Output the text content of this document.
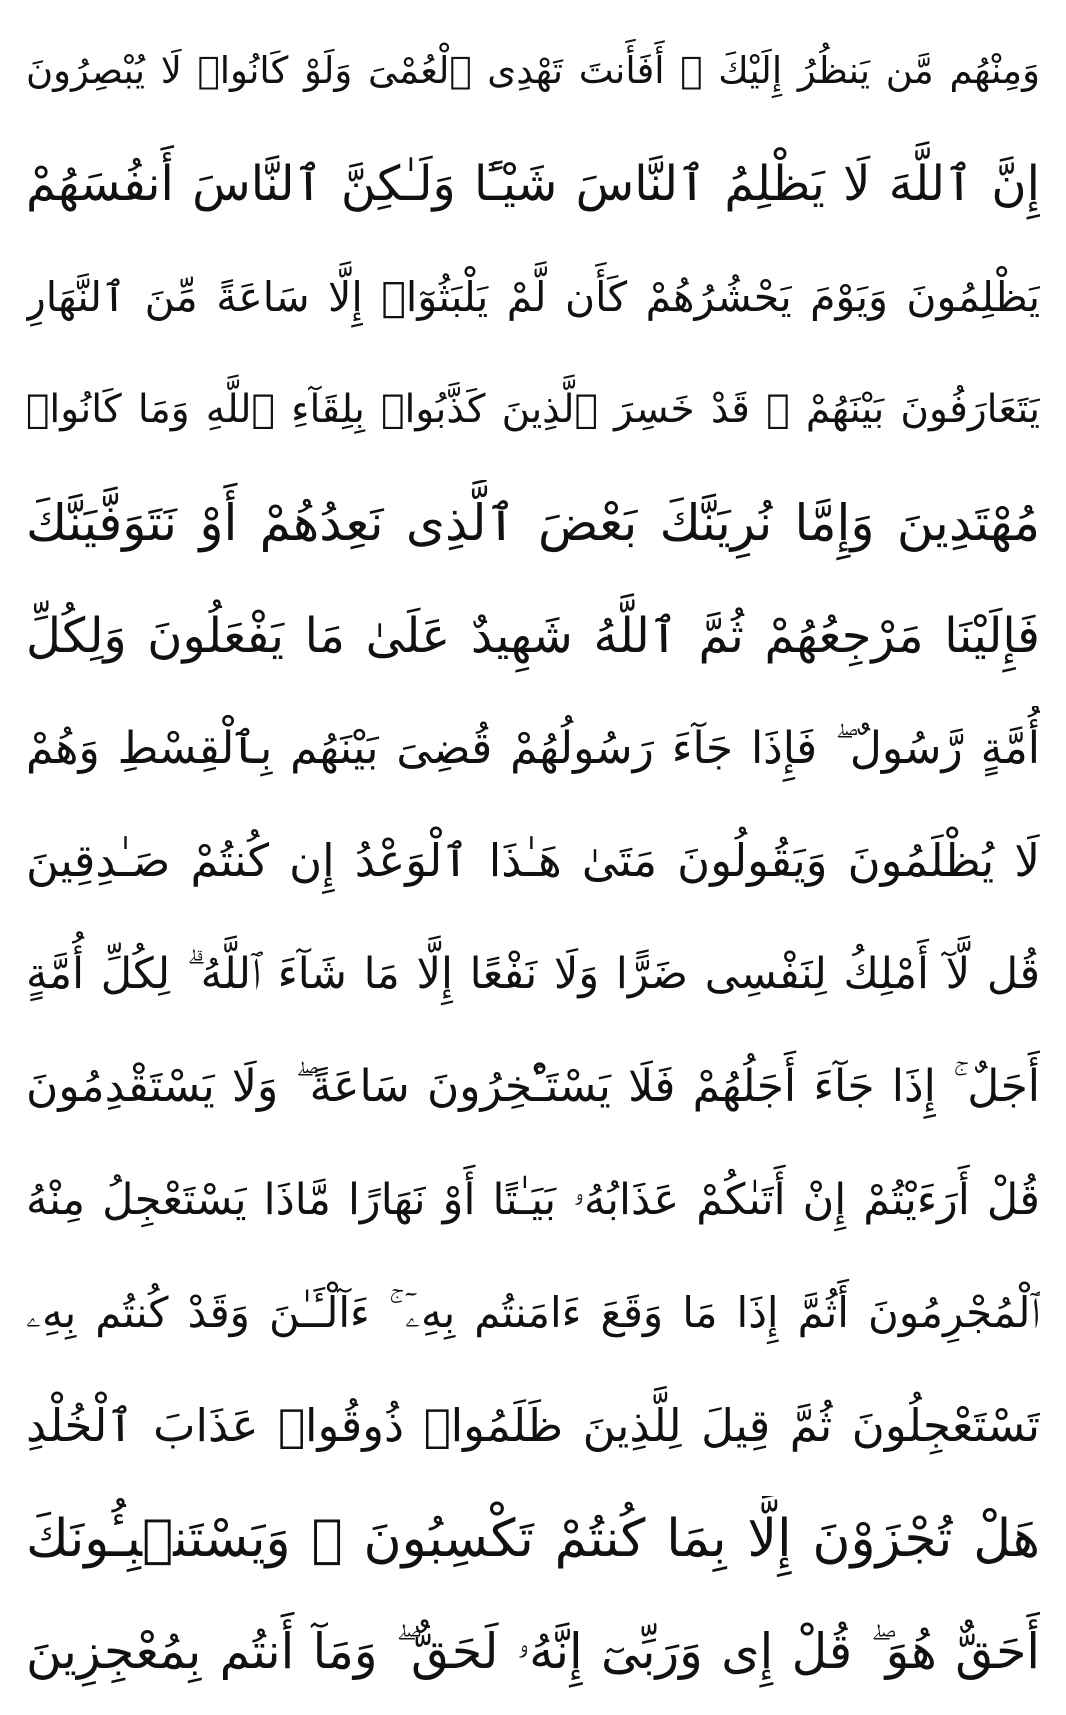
وَمِنْهُم مَّن يَنظُرُ إِلَيْكَ ۚ أَفَأَنتَ تَهْدِى ٱلْعُمْىَ وَلَوْ كَانُوا۟ لَا يُبْصِرُونَ
إِنَّ ٱللَّهَ لَا يَظْلِمُ ٱلنَّاسَ شَيْـًٔا وَلَـٰكِنَّ ٱلنَّاسَ أَنفُسَهُمْ
يَظْلِمُونَ وَيَوْمَ يَحْشُرُهُمْ كَأَن لَّمْ يَلْبَثُوٓا۟ إِلَّا سَاعَةً مِّنَ ٱلنَّهَارِ
يَتَعَارَفُونَ بَيْنَهُمْ ۚ قَدْ خَسِرَ ٱلَّذِينَ كَذَّبُوا۟ بِلِقَآءِ ٱللَّهِ وَمَا كَانُوا۟
مُهْتَدِينَ وَإِمَّا نُرِيَنَّكَ بَعْضَ ٱلَّذِى نَعِدُهُمْ أَوْ نَتَوَفَّيَنَّكَ
فَإِلَيْنَا مَرْجِعُهُمْ ثُمَّ ٱللَّهُ شَهِيدٌ عَلَىٰ مَا يَفْعَلُونَ وَلِكُلِّ
أُمَّةٍ رَّسُولٌ ۖ فَإِذَا جَآءَ رَسُولُهُمْ قُضِىَ بَيْنَهُم بِٱلْقِسْطِ وَهُمْ
لَا يُظْلَمُونَ وَيَقُولُونَ مَتَىٰ هَـٰذَا ٱلْوَعْدُ إِن كُنتُمْ صَـٰدِقِينَ
قُل لَّآ أَمْلِكُ لِنَفْسِى ضَرًّا وَلَا نَفْعًا إِلَّا مَا شَآءَ ٱللَّهُ ۗ لِكُلِّ أُمَّةٍ
أَجَلٌ ۚ إِذَا جَآءَ أَجَلُهُمْ فَلَا يَسْتَـْٔخِرُونَ سَاعَةً ۖ وَلَا يَسْتَقْدِمُونَ
قُلْ أَرَءَيْتُمْ إِنْ أَتَىٰكُمْ عَذَابُهُۥ بَيَـٰتًا أَوْ نَهَارًا مَّاذَا يَسْتَعْجِلُ مِنْهُ
ٱلْمُجْرِمُونَ أَثُمَّ إِذَا مَا وَقَعَ ءَامَنتُم بِهِۦٓ ۚ ءَآلْـَٔـٰنَ وَقَدْ كُنتُم بِهِۦ
تَسْتَعْجِلُونَ ثُمَّ قِيلَ لِلَّذِينَ ظَلَمُوا۟ ذُوقُوا۟ عَذَابَ ٱلْخُلْدِ
هَلْ تُجْزَوْنَ إِلَّا بِمَا كُنتُمْ تَكْسِبُونَ ۞ وَيَسْتَنۢبِـُٔونَكَ
أَحَقٌّ هُوَ ۖ قُلْ إِى وَرَبِّىٓ إِنَّهُۥ لَحَقٌّ ۖ وَمَآ أَنتُم بِمُعْجِزِينَ
